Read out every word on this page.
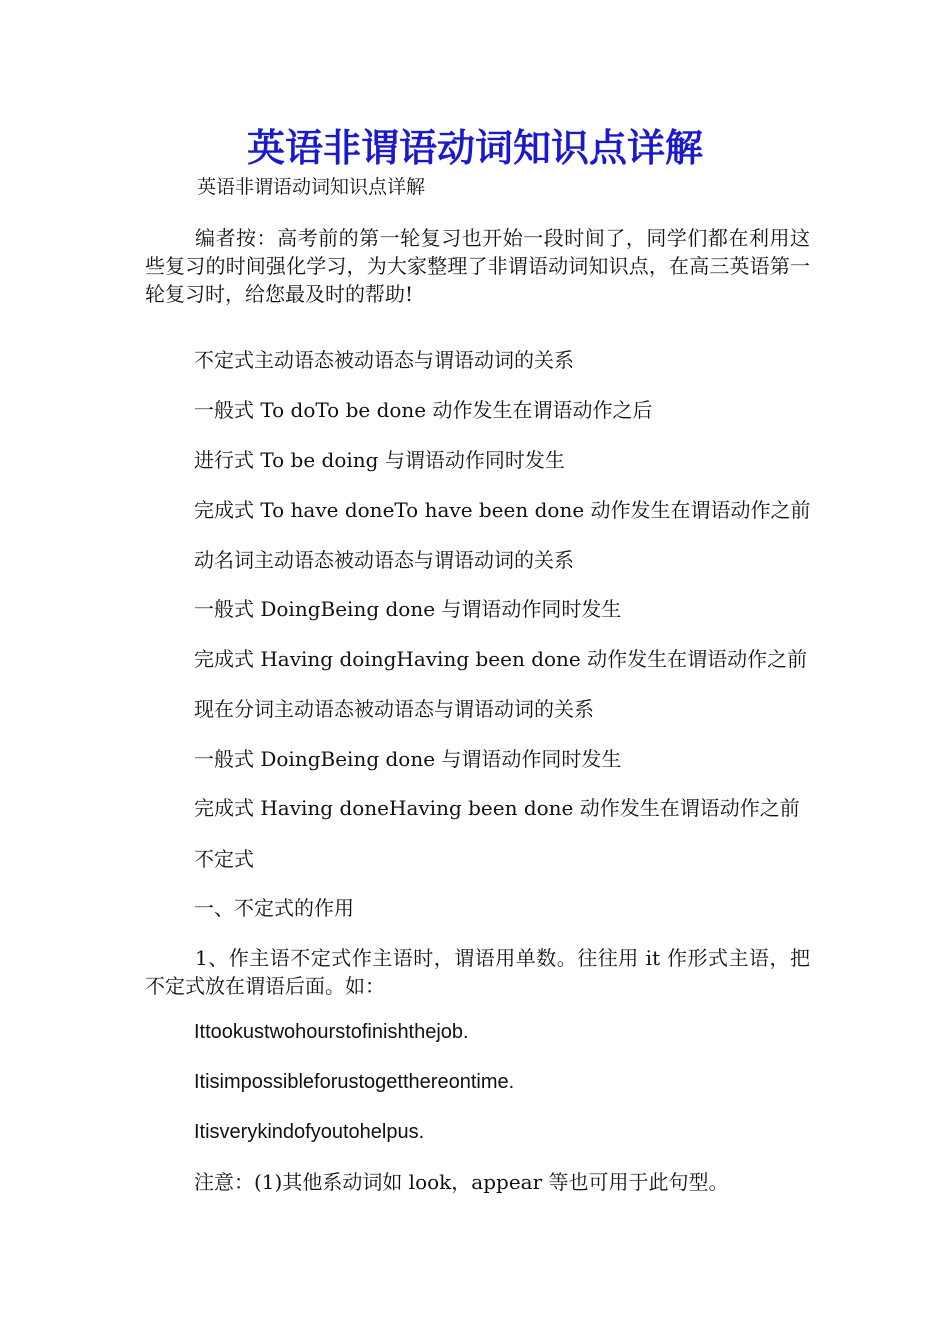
英语非谓语动词知识点详解

英语非谓语动词知识点详解

编者按：高考前的第一轮复习也开始一段时间了，同学们都在利用这些复习的时间强化学习，为大家整理了非谓语动词知识点，在高三英语第一轮复习时，给您最及时的帮助!

不定式主动语态被动语态与谓语动词的关系

一般式 To doTo be done 动作发生在谓语动作之后

进行式 To be doing 与谓语动作同时发生

完成式 To have doneTo have been done 动作发生在谓语动作之前

动名词主动语态被动语态与谓语动词的关系

一般式 DoingBeing done 与谓语动作同时发生

完成式 Having doingHaving been done 动作发生在谓语动作之前

现在分词主动语态被动语态与谓语动词的关系

一般式 DoingBeing done 与谓语动作同时发生

完成式 Having doneHaving been done 动作发生在谓语动作之前

不定式

一、不定式的作用

1、作主语不定式作主语时，谓语用单数。往往用 it 作形式主语，把不定式放在谓语后面。如：

Ittookustwohourstofinishthejob.

Itisimpossibleforustogetthereontime.

Itisverykindofyoutohelpus.

注意：(1)其他系动词如 look，appear 等也可用于此句型。
